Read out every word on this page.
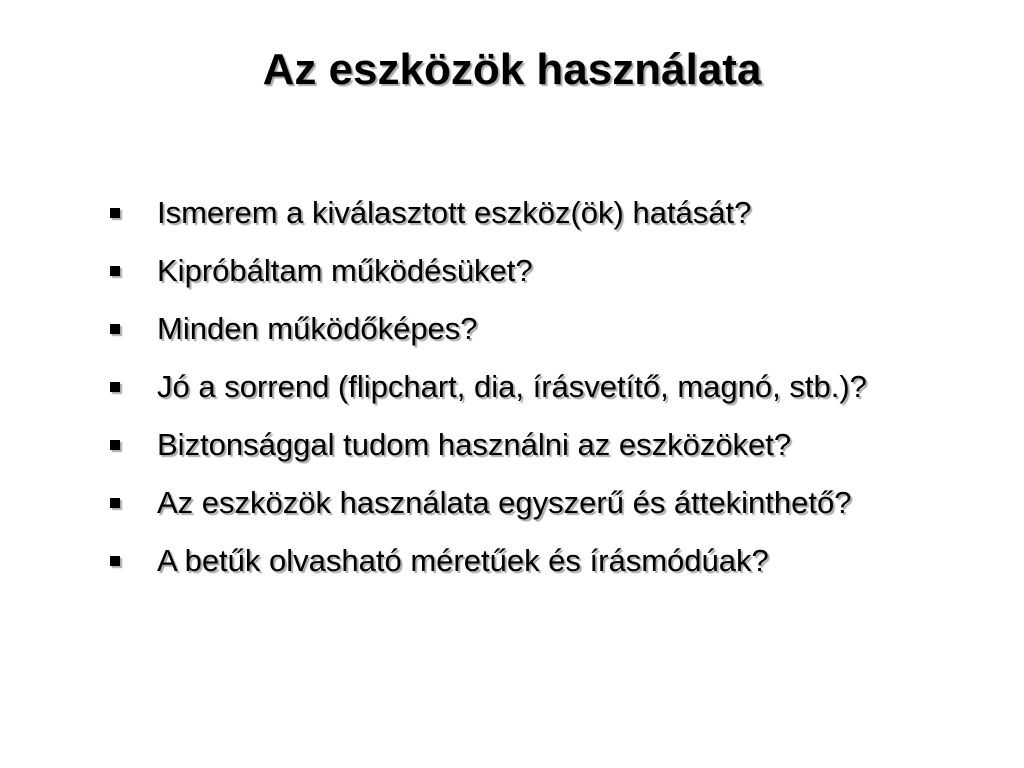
Az eszközök használata
Ismerem a kiválasztott eszköz(ök) hatását?
Kipróbáltam működésüket?
Minden működőképes?
Jó a sorrend (flipchart, dia, írásvetítő, magnó, stb.)?
Biztonsággal tudom használni az eszközöket?
Az eszközök használata egyszerű és áttekinthető?
A betűk olvasható méretűek és írásmódúak?
